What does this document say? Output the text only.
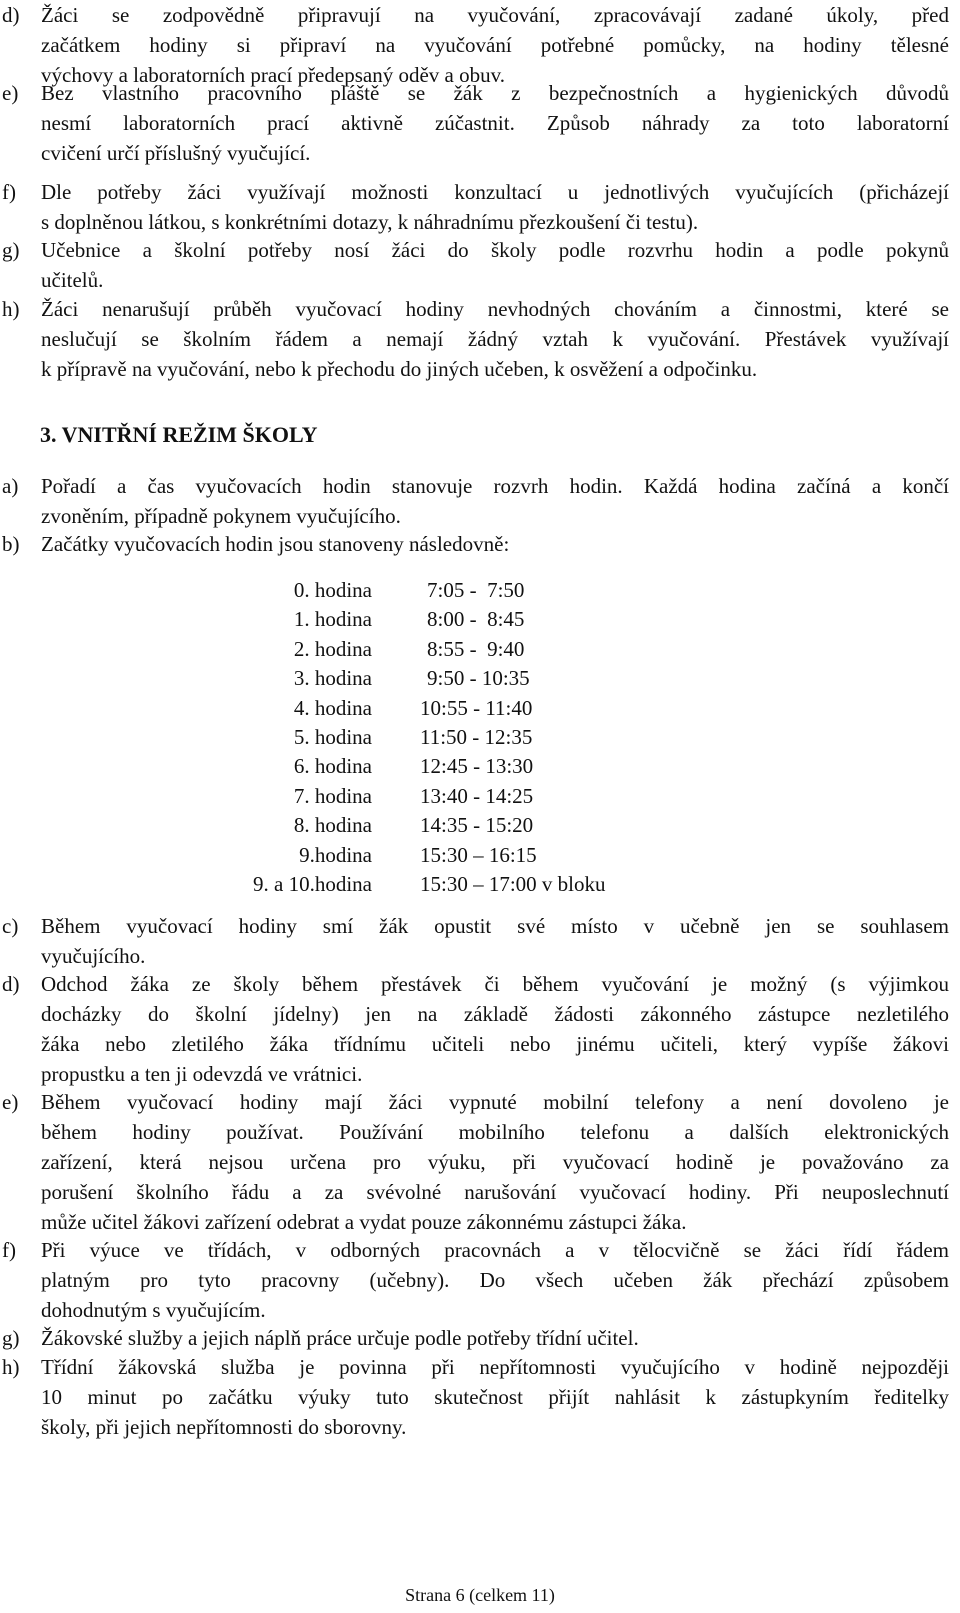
d) Žáci se zodpovědně připravují na vyučování, zpracovávají zadané úkoly, před
začátkem hodiny si připraví na vyučování potřebné pomůcky, na hodiny tělesné
výchovy a laboratorních prací předepsaný oděv a obuv.
e) Bez vlastního pracovního pláště se žák z bezpečnostních a hygienických důvodů
nesmí laboratorních prací aktivně zúčastnit. Způsob náhrady za toto laboratorní
cvičení určí příslušný vyučující.
f) Dle potřeby žáci využívají možnosti konzultací u jednotlivých vyučujících (přicházejí
s doplněnou látkou, s konkrétními dotazy, k náhradnímu přezkoušení či testu).
g) Učebnice a školní potřeby nosí žáci do školy podle rozvrhu hodin a podle pokynů
učitelů.
h) Žáci nenarušují průběh vyučovací hodiny nevhodných chováním a činnostmi, které se
neslučují se školním řádem a nemají žádný vztah k vyučování. Přestávek využívají
k přípravě na vyučování, nebo k přechodu do jiných učeben, k osvěžení a odpočinku.
3. VNITŘNÍ REŽIM ŠKOLY
a) Pořadí a čas vyučovacích hodin stanovuje rozvrh hodin. Každá hodina začíná a končí
zvoněním, případně pokynem vyučujícího.
b) Začátky vyučovacích hodin jsou stanoveny následovně:
0. hodina	7:05 -  7:50
1. hodina	8:00 -  8:45
2. hodina	8:55 -  9:40
3. hodina	9:50 - 10:35
4. hodina 10:55 - 11:40
5. hodina 11:50 - 12:35
6. hodina 12:45 - 13:30
7. hodina 13:40 - 14:25
8. hodina 14:35 - 15:20
9.hodina 15:30 – 16:15
9. a 10.hodina 15:30 – 17:00 v bloku
c) Během vyučovací hodiny smí žák opustit své místo v učebně jen se souhlasem
vyučujícího.
d) Odchod žáka ze školy během přestávek či během vyučování je možný (s výjimkou
docházky do školní jídelny) jen na základě žádosti zákonného zástupce nezletilého
žáka nebo zletilého žáka třídnímu učiteli nebo jinému učiteli, který vypíše žákovi
propustku a ten ji odevzdá ve vrátnici.
e) Během vyučovací hodiny mají žáci vypnuté mobilní telefony a není dovoleno je
během hodiny používat. Používání mobilního telefonu a dalších elektronických
zařízení, která nejsou určena pro výuku, při vyučovací hodině je považováno za
porušení školního řádu a za svévolné narušování vyučovací hodiny. Při neuposlechnutí
může učitel žákovi zařízení odebrat a vydat pouze zákonnému zástupci žáka.
f) Při výuce ve třídách, v odborných pracovnách a v tělocvičně se žáci řídí řádem
platným pro tyto pracovny (učebny). Do všech učeben žák přechází způsobem
dohodnutým s vyučujícím.
g) Žákovské služby a jejich náplň práce určuje podle potřeby třídní učitel.
h) Třídní žákovská služba je povinna při nepřítomnosti vyučujícího v hodině nejpozději
10 minut po začátku výuky tuto skutečnost přijít nahlásit k zástupkyním ředitelky
školy, při jejich nepřítomnosti do sborovny.
Strana 6 (celkem 11)
